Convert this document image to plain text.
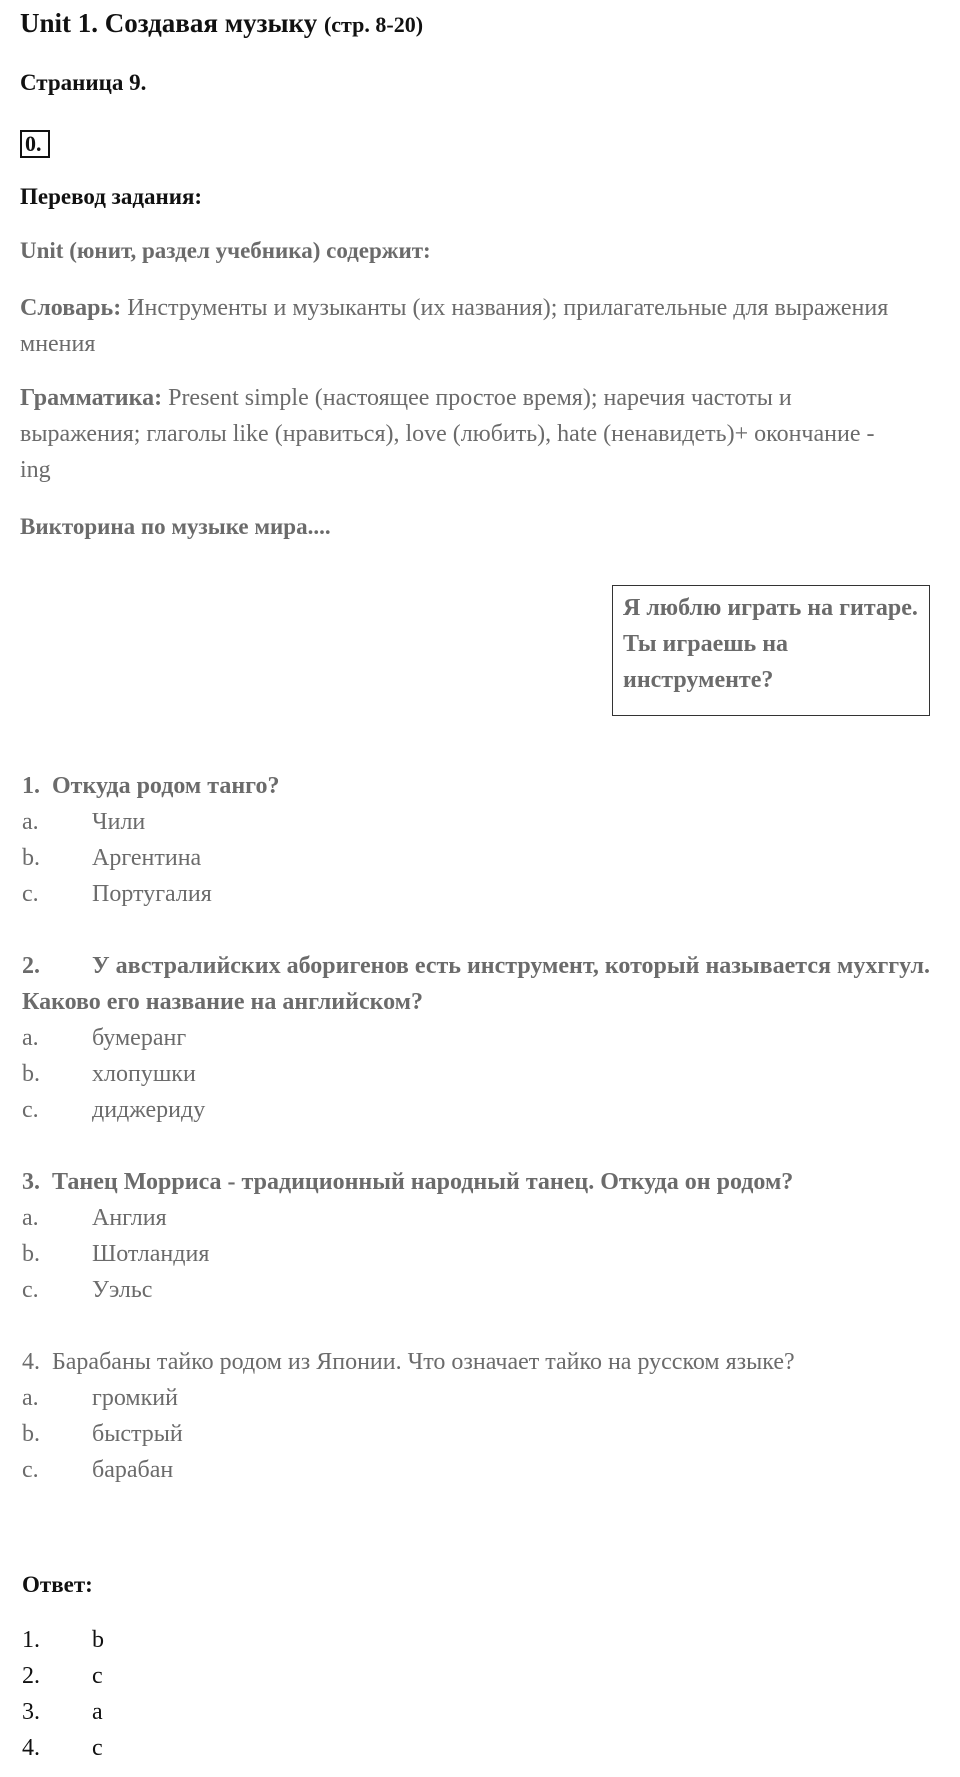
Unit 1. Создавая музыку (стр. 8-20)
Страница 9.
0.
Перевод задания:
Unit (юнит, раздел учебника) содержит:
Словарь: Инструменты и музыканты (их названия); прилагательные для выражения мнения
Грамматика: Present simple (настоящее простое время); наречия частоты и выражения; глаголы like (нравиться), love (любить), hate (ненавидеть)+ окончание -ing
Викторина по музыке мира....
Я люблю играть на гитаре. Ты играешь на инструменте?
1. Откуда родом танго?
a. Чили
b. Аргентина
c. Португалия
2. У австралийских аборигенов есть инструмент, который называется мухггул. Каково его название на английском?
a. бумеранг
b. хлопушки
c. диджериду
3. Танец Морриса - традиционный народный танец. Откуда он родом?
a. Англия
b. Шотландия
c. Уэльс
4. Барабаны тайко родом из Японии. Что означает тайко на русском языке?
a. громкий
b. быстрый
c. барабан
Ответ:
1. b
2. c
3. a
4. c
